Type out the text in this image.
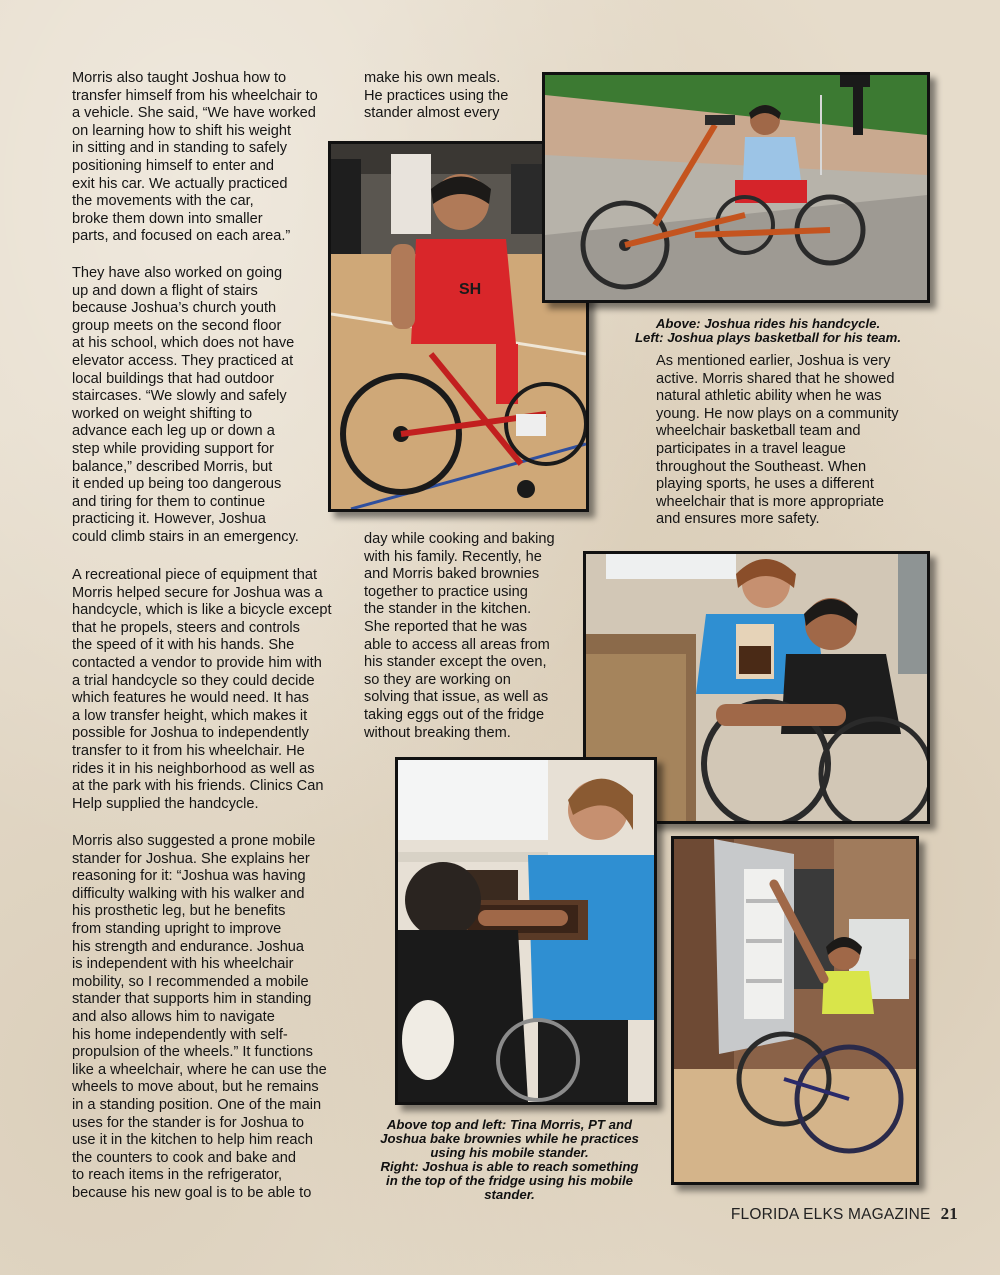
Morris also taught Joshua how to
transfer himself from his wheelchair to
a vehicle. She said, “We have worked
on learning how to shift his weight
in sitting and in standing to safely
positioning himself to enter and
exit his car. We actually practiced
the movements with the car,
broke them down into smaller
parts, and focused on each area.”

They have also worked on going
up and down a flight of stairs
because Joshua’s church youth
group meets on the second floor
at his school, which does not have
elevator access. They practiced at
local buildings that had outdoor
staircases. “We slowly and safely
worked on weight shifting to
advance each leg up or down a
step while providing support for
balance,” described Morris, but
it ended up being too dangerous
and tiring for them to continue
practicing it. However, Joshua
could climb stairs in an emergency.

A recreational piece of equipment that
Morris helped secure for Joshua was a
handcycle, which is like a bicycle except
that he propels, steers and controls
the speed of it with his hands. She
contacted a vendor to provide him with
a trial handcycle so they could decide
which features he would need. It has
a low transfer height, which makes it
possible for Joshua to independently
transfer to it from his wheelchair. He
rides it in his neighborhood as well as
at the park with his friends. Clinics Can
Help supplied the handcycle.

Morris also suggested a prone mobile
stander for Joshua. She explains her
reasoning for it: “Joshua was having
difficulty walking with his walker and
his prosthetic leg, but he benefits
from standing upright to improve
his strength and endurance. Joshua
is independent with his wheelchair
mobility, so I recommended a mobile
stander that supports him in standing
and also allows him to navigate
his home independently with self-
propulsion of the wheels.” It functions
like a wheelchair, where he can use the
wheels to move about, but he remains
in a standing position. One of the main
uses for the stander is for Joshua to
use it in the kitchen to help him reach
the counters to cook and bake and
to reach items in the refrigerator,
because his new goal is to be able to

make his own meals.
He practices using the
stander almost every

day while cooking and baking
with his family. Recently, he
and Morris baked brownies
together to practice using
the stander in the kitchen.
She reported that he was
able to access all areas from
his stander except the oven,
so they are working on
solving that issue, as well as
taking eggs out of the fridge
without breaking them.

As mentioned earlier, Joshua is very
active. Morris shared that he showed
natural athletic ability when he was
young. He now plays on a community
wheelchair basketball team and
participates in a travel league
throughout the Southeast. When
playing sports, he uses a different
wheelchair that is more appropriate
and ensures more safety.

SH

Above: Joshua rides his handcycle.
Left: Joshua plays basketball for his team.

Above top and left: Tina Morris, PT and
Joshua bake brownies while he practices
using his mobile stander.
Right: Joshua is able to reach something
in the top of the fridge using his mobile
stander.

FLORIDA ELKS MAGAZINE 21
